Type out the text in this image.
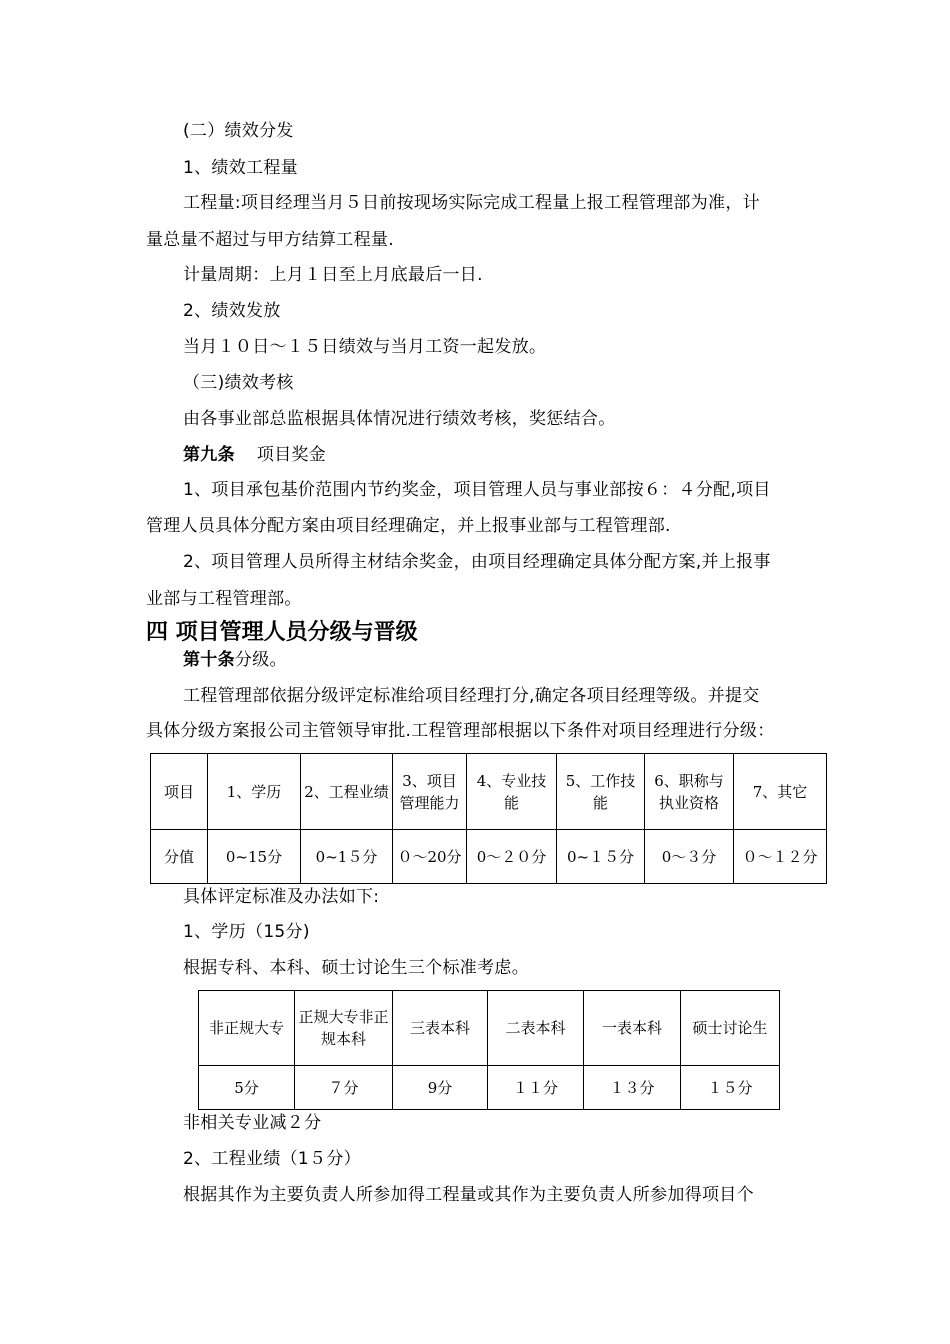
(二）绩效分发
1、绩效工程量
工程量:项目经理当月５日前按现场实际完成工程量上报工程管理部为准，计
量总量不超过与甲方结算工程量.
计量周期：上月１日至上月底最后一日.
2、绩效发放
当月１０日～１５日绩效与当月工资一起发放。
（三)绩效考核
由各事业部总监根据具体情况进行绩效考核，奖惩结合。
第九条 项目奖金
1、项目承包基价范围内节约奖金，项目管理人员与事业部按６：４分配,项目
管理人员具体分配方案由项目经理确定，并上报事业部与工程管理部.
2、项目管理人员所得主材结余奖金，由项目经理确定具体分配方案,并上报事
业部与工程管理部。
四 项目管理人员分级与晋级
第十条分级。
工程管理部依据分级评定标准给项目经理打分,确定各项目经理等级。并提交
具体分级方案报公司主管领导审批.工程管理部根据以下条件对项目经理进行分级：
项目	1、学历	2、工程业绩	3、项目管理能力	4、专业技能	5、工作技能	6、职称与执业资格	7、其它
分值	0~15分	0~1５分	０～20分	0～２０分	0~１５分	0～３分	０～１２分
具体评定标准及办法如下:
1、学历（15分)
根据专科、本科、硕士讨论生三个标准考虑。
非正规大专	正规大专非正规本科	三表本科	二表本科	一表本科	硕士讨论生
5分	７分	9分	１１分	１３分	１５分
非相关专业减２分
2、工程业绩（1５分）
根据其作为主要负责人所参加得工程量或其作为主要负责人所参加得项目个
